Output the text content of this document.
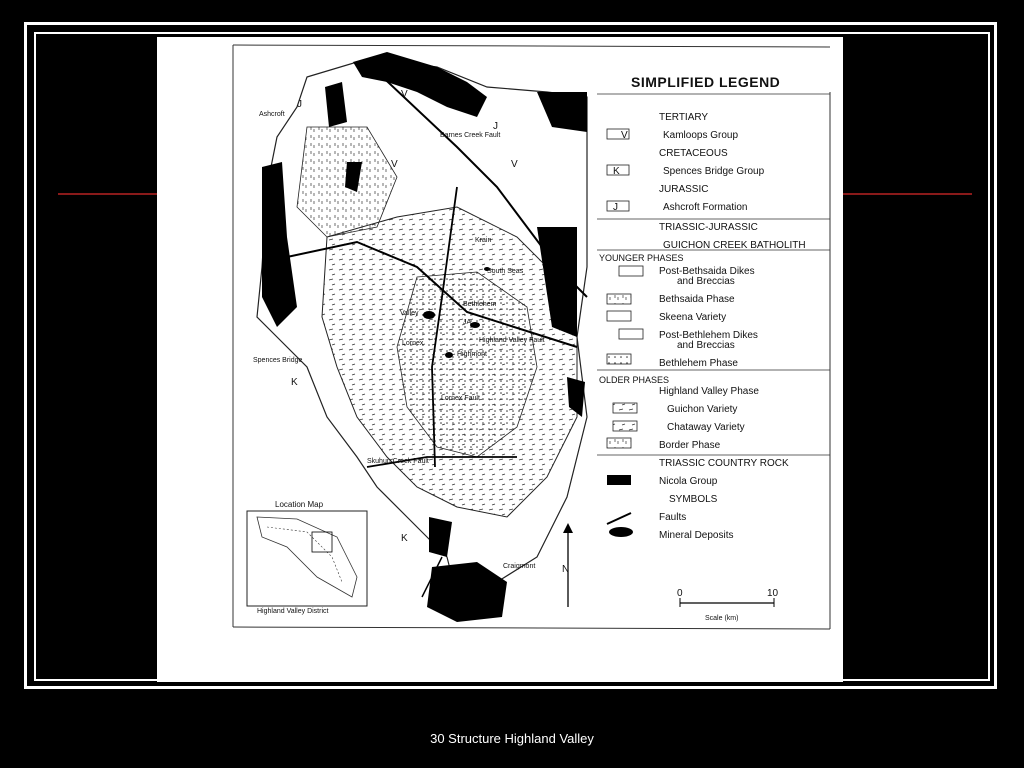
SIMPLIFIED LEGEND
TERTIARY
V	Kamloops Group
CRETACEOUS
K	Spences Bridge Group
JURASSIC
J	Ashcroft Formation
TRIASSIC-JURASSIC
GUICHON CREEK BATHOLITH
YOUNGER PHASES
Post-Bethsaida Dikes
and Breccias
Bethsaida Phase
Skeena Variety
Post-Bethlehem Dikes
and Breccias
Bethlehem Phase
OLDER PHASES
Highland Valley Phase
Guichon Variety
Chataway Variety
Border Phase
TRIASSIC COUNTRY ROCK
Nicola Group
SYMBOLS
Faults
Mineral Deposits
Ashcroft
Spences Bridge
Valley
Lornex
Highmont
Bethlehem
South Seas
Krain
JA
Craigmont
Highland Valley Fault
Lornex Fault
Skuhun Creek Fault
Barnes Creek Fault
J
V
V	V
J
K
K
N
Location Map
Highland Valley District
0	10
Scale (km)
30 Structure Highland Valley
